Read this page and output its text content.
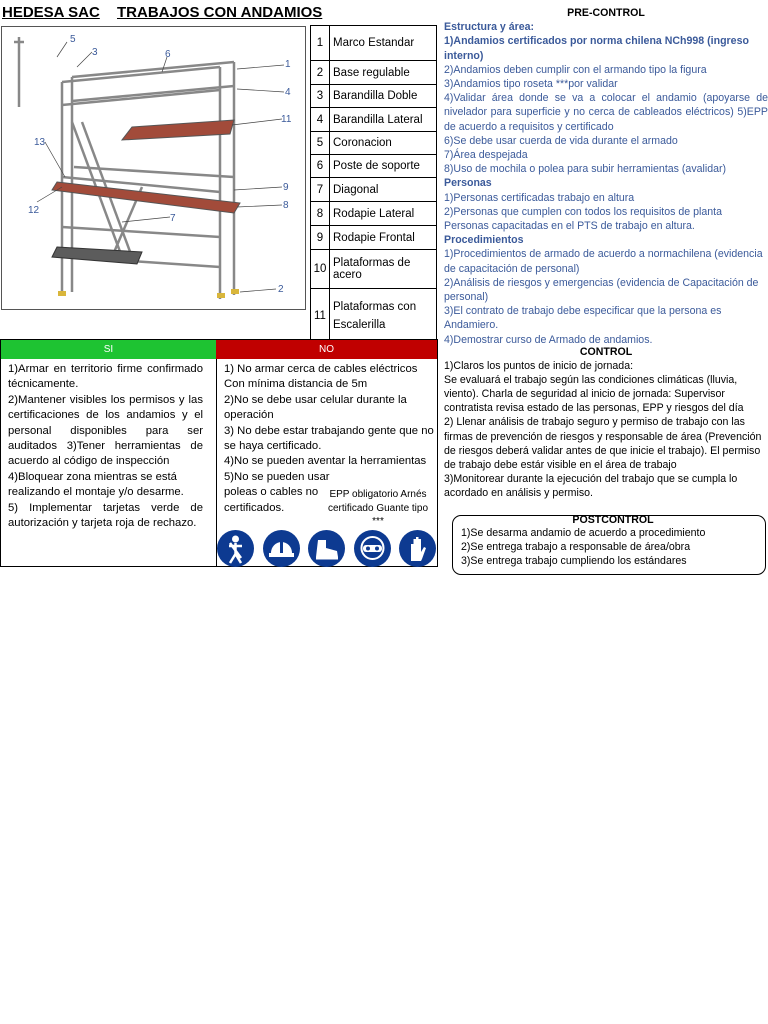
HEDESA SAC TRABAJOS CON ANDAMIOS
5
3	6
1
4
11
13
9
8
12
7
2
1	Marco Estandar
2	Base regulable
3	Barandilla Doble
4	Barandilla Lateral
5	Coronacion
6	Poste de soporte
7	Diagonal
8	Rodapie Lateral
9	Rodapie Frontal
10	Plataformas de acero
11	Plataformas con Escalerilla

PRE-CONTROL

Estructura y área:

1)Andamios certificados por norma chilena NCh998 (ingreso interno)

2)Andamios deben cumplir con el armando tipo la figura

3)Andamios tipo roseta ***por validar

4)Validar área donde se va a colocar el andamio (apoyarse de nivelador para superficie y no cerca de cableados eléctricos) 5)EPP de acuerdo a requisitos y certificado

6)Se debe usar cuerda de vida durante el armado

7)Área despejada

8)Uso de mochila o polea para subir herramientas (avalidar)

Personas

1)Personas certificadas trabajo en altura

2)Personas que cumplen con todos los requisitos de planta Personas capacitadas en el PTS de trabajo en altura.

Procedimientos

1)Procedimientos de armado de acuerdo a normachilena (evidencia de capacitación de personal)

2)Análisis de riesgos y emergencias (evidencia de Capacitación de personal)

3)El contrato de trabajo debe especificar que la persona es Andamiero.

4)Demostrar curso de Armado de andamios.

CONTROL

1)Claros los puntos de inicio de jornada:

Se evaluará el trabajo según las condiciones climáticas (lluvia, viento). Charla de seguridad al inicio de jornada: Supervisor contratista revisa estado de las personas, EPP y riesgos del día

2) Llenar análisis de trabajo seguro y permiso de trabajo con las firmas de prevención de riesgos y responsable de área (Prevención de riesgos deberá validar antes de que inicie el trabajo). El permiso de trabajo debe estár visible en el área de trabajo

3)Monitorear durante la ejecución del trabajo que se cumpla lo acordado en análisis y permiso.

POSTCONTROL

1)Se desarma andamio de acuerdo a procedimiento

2)Se entrega trabajo a responsable de área/obra

3)Se entrega trabajo cumpliendo los estándares

SI	NO

1)Armar en territorio firme confirmado técnicamente.

2)Mantener visibles los permisos y las certificaciones de los andamios y el personal disponibles para ser auditados 3)Tener herramientas de acuerdo al código de inspección

4)Bloquear zona mientras se está realizando el montaje y/o desarme.

5) Implementar tarjetas verde de autorización y tarjeta roja de rechazo.

1) No armar cerca de cables eléctricos Con mínima distancia de 5m

2)No se debe usar celular durante la operación

3) No debe estar trabajando gente que no se haya certificado.

4)No se pueden aventar la herramientas

5)No se pueden usar poleas o cables no certificados.

EPP obligatorio Arnés certificado Guante tipo ***
